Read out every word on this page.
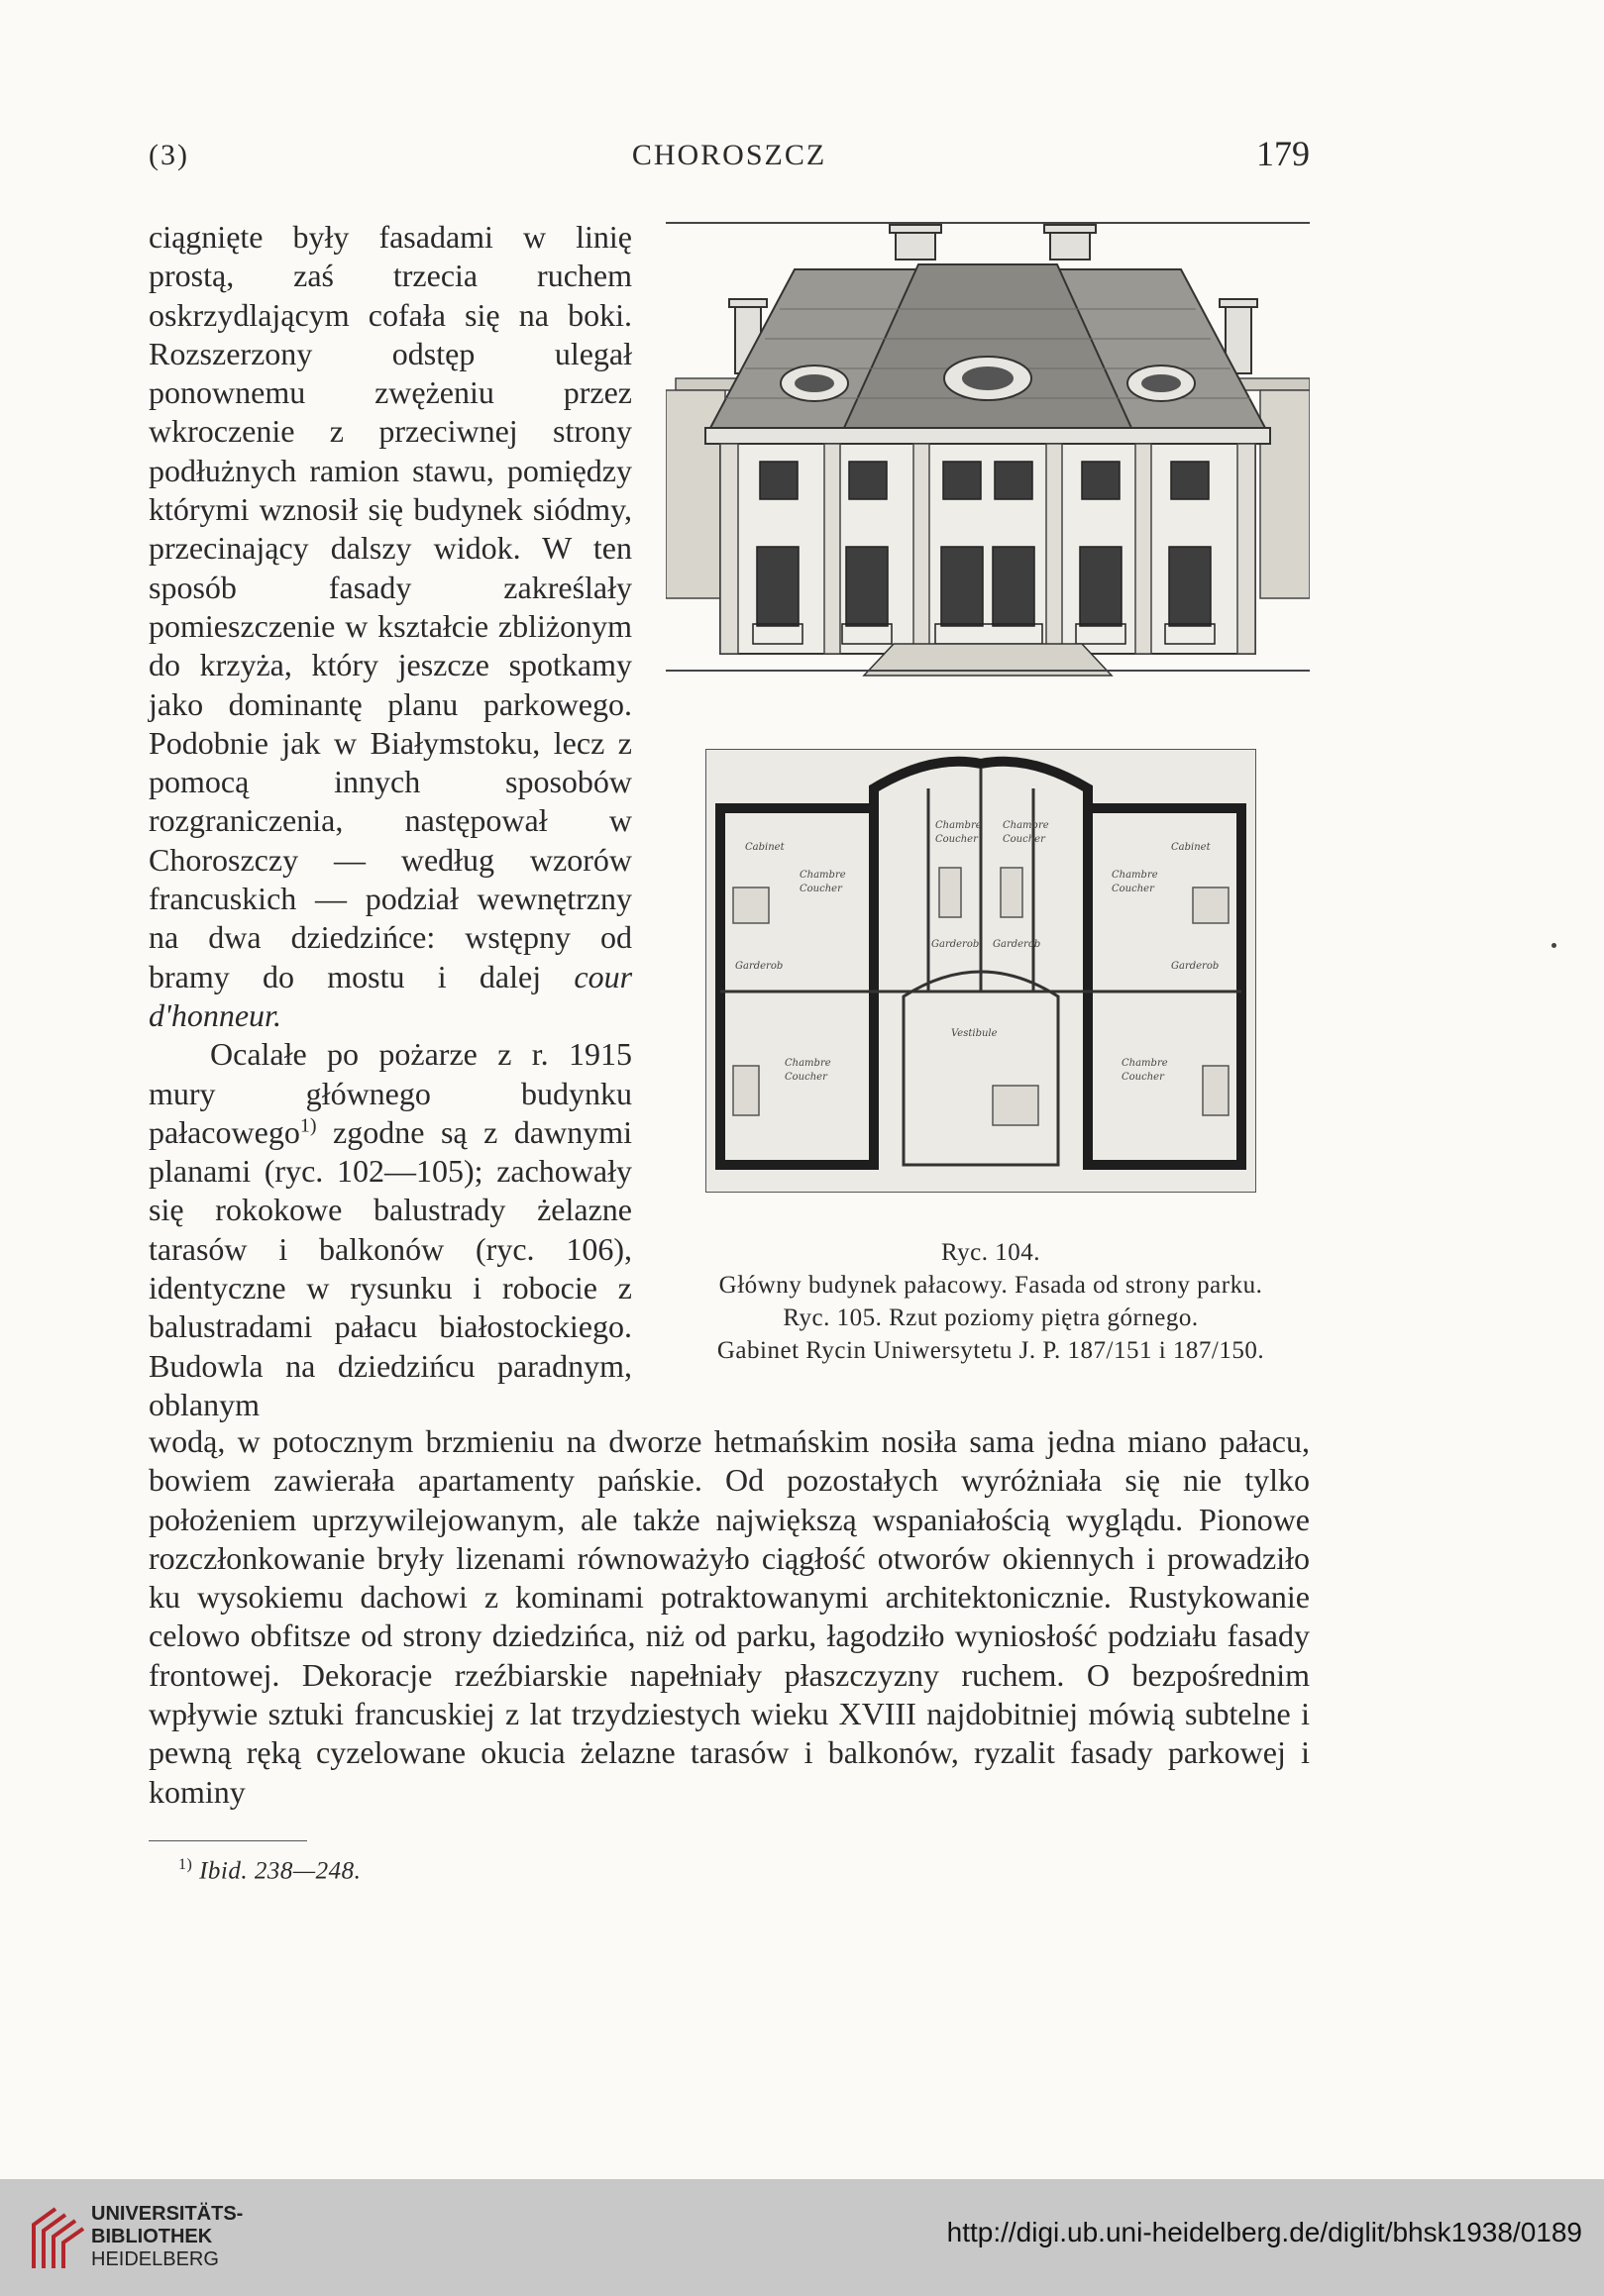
(3)	CHOROSZCZ	179

ciągnięte były fasadami w linię prostą, zaś trzecia ruchem oskrzydlającym cofała się na boki. Rozszerzony odstęp ulegał ponownemu zwężeniu przez wkroczenie z przeciwnej strony podłużnych ramion stawu, pomiędzy którymi wznosił się budynek siódmy, przecinający dalszy widok. W ten sposób fasady zakreślały pomieszczenie w kształcie zbliżonym do krzyża, który jeszcze spotkamy jako dominantę planu parkowego. Podobnie jak w Białymstoku, lecz z pomocą innych sposobów rozgraniczenia, następował w Choroszczy — według wzorów francuskich — podział wewnętrzny na dwa dziedzińce: wstępny od bramy do mostu i dalej cour d'honneur.

Ocalałe po pożarze z r. 1915 mury głównego budynku pałacowego$^{1)}$ zgodne są z dawnymi planami (ryc. 102—105); zachowały się rokokowe balustrady żelazne tarasów i balkonów (ryc. 106), identyczne w rysunku i robocie z balustradami pałacu białostockiego. Budowla na dziedzińcu paradnym, oblanym

Cabinet	Cabinet
Chambre
Coucher
Chambre
Coucher
Chambre
Coucher
Chambre
Coucher
Garderob	Garderob
Garderob Garderob
Vestibule
Chambre
Coucher
Chambre
Coucher
Ryc. 104.
Główny budynek pałacowy. Fasada od strony parku.
Ryc. 105. Rzut poziomy piętra górnego.
Gabinet Rycin Uniwersytetu J. P. 187/151 i 187/150.

wodą, w potocznym brzmieniu na dworze hetmańskim nosiła sama jedna miano pałacu, bowiem zawierała apartamenty pańskie. Od pozostałych wyróżniała się nie tylko położeniem uprzywilejowanym, ale także największą wspaniałością wyglądu. Pionowe rozczłonkowanie bryły lizenami równoważyło ciągłość otworów okiennych i prowadziło ku wysokiemu dachowi z kominami potraktowanymi architektonicznie. Rustykowanie celowo obfitsze od strony dziedzińca, niż od parku, łagodziło wyniosłość podziału fasady frontowej. Dekoracje rzeźbiarskie napełniały płaszczyzny ruchem. O bezpośrednim wpływie sztuki francuskiej z lat trzydziestych wieku XVIII najdobitniej mówią subtelne i pewną ręką cyzelowane okucia żelazne tarasów i balkonów, ryzalit fasady parkowej i kominy

$^{1)}$ Ibid. 238—248.
UNIVERSITÄTS-
BIBLIOTHEK
HEIDELBERG
http://digi.ub.uni-heidelberg.de/diglit/bhsk1938/0189
